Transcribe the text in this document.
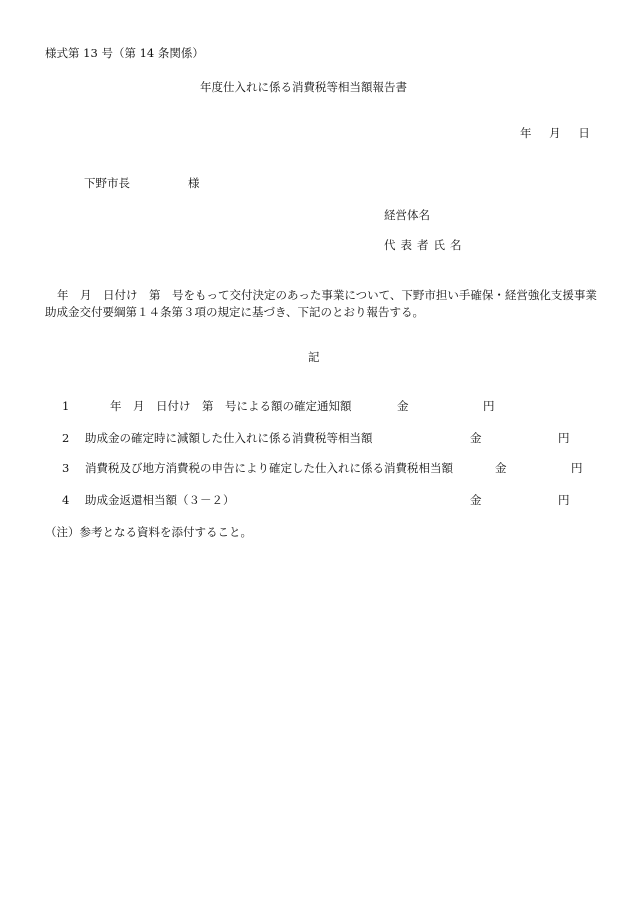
様式第 13 号（第 14 条関係）
年度仕入れに係る消費税等相当額報告書
年 月 日
下野市長	様
経営体名
代表者氏名
年　月　日付け　第　号をもって交付決定のあった事業について、下野市担い手確保・経営強化支援事業助成金交付要綱第１４条第３項の規定に基づき、下記のとおり報告する。
記
1	年　月　日付け　第　号による額の確定通知額	金	円
2 助成金の確定時に減額した仕入れに係る消費税等相当額	金	円
3 消費税及び地方消費税の申告により確定した仕入れに係る消費税相当額	金	円
4 助成金返還相当額（３－２）	金	円
（注）参考となる資料を添付すること。
